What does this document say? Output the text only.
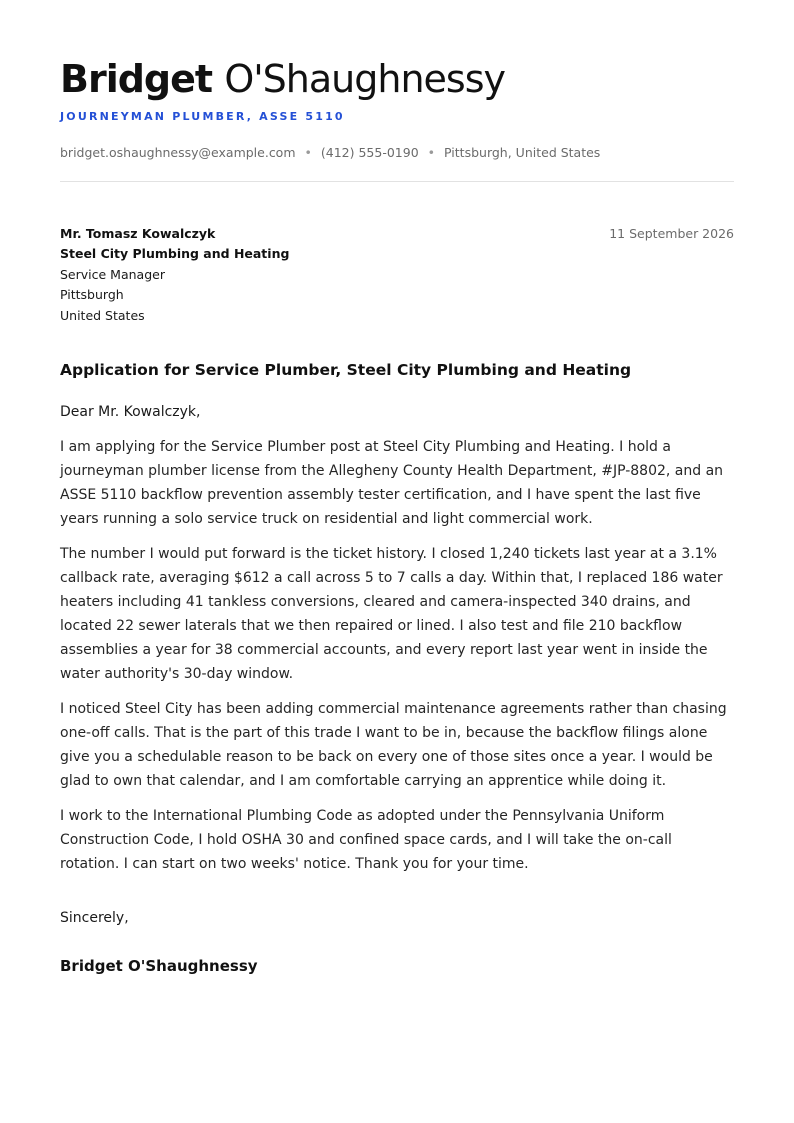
Bridget O'Shaughnessy
JOURNEYMAN PLUMBER, ASSE 5110
bridget.oshaughnessy@example.com • (412) 555-0190 • Pittsburgh, United States
Mr. Tomasz Kowalczyk
Steel City Plumbing and Heating
Service Manager
Pittsburgh
United States
11 September 2026
Application for Service Plumber, Steel City Plumbing and Heating
Dear Mr. Kowalczyk,
I am applying for the Service Plumber post at Steel City Plumbing and Heating. I hold a journeyman plumber license from the Allegheny County Health Department, #JP-8802, and an ASSE 5110 backflow prevention assembly tester certification, and I have spent the last five years running a solo service truck on residential and light commercial work.
The number I would put forward is the ticket history. I closed 1,240 tickets last year at a 3.1% callback rate, averaging $612 a call across 5 to 7 calls a day. Within that, I replaced 186 water heaters including 41 tankless conversions, cleared and camera-inspected 340 drains, and located 22 sewer laterals that we then repaired or lined. I also test and file 210 backflow assemblies a year for 38 commercial accounts, and every report last year went in inside the water authority's 30-day window.
I noticed Steel City has been adding commercial maintenance agreements rather than chasing one-off calls. That is the part of this trade I want to be in, because the backflow filings alone give you a schedulable reason to be back on every one of those sites once a year. I would be glad to own that calendar, and I am comfortable carrying an apprentice while doing it.
I work to the International Plumbing Code as adopted under the Pennsylvania Uniform Construction Code, I hold OSHA 30 and confined space cards, and I will take the on-call rotation. I can start on two weeks' notice. Thank you for your time.
Sincerely,
Bridget O'Shaughnessy
